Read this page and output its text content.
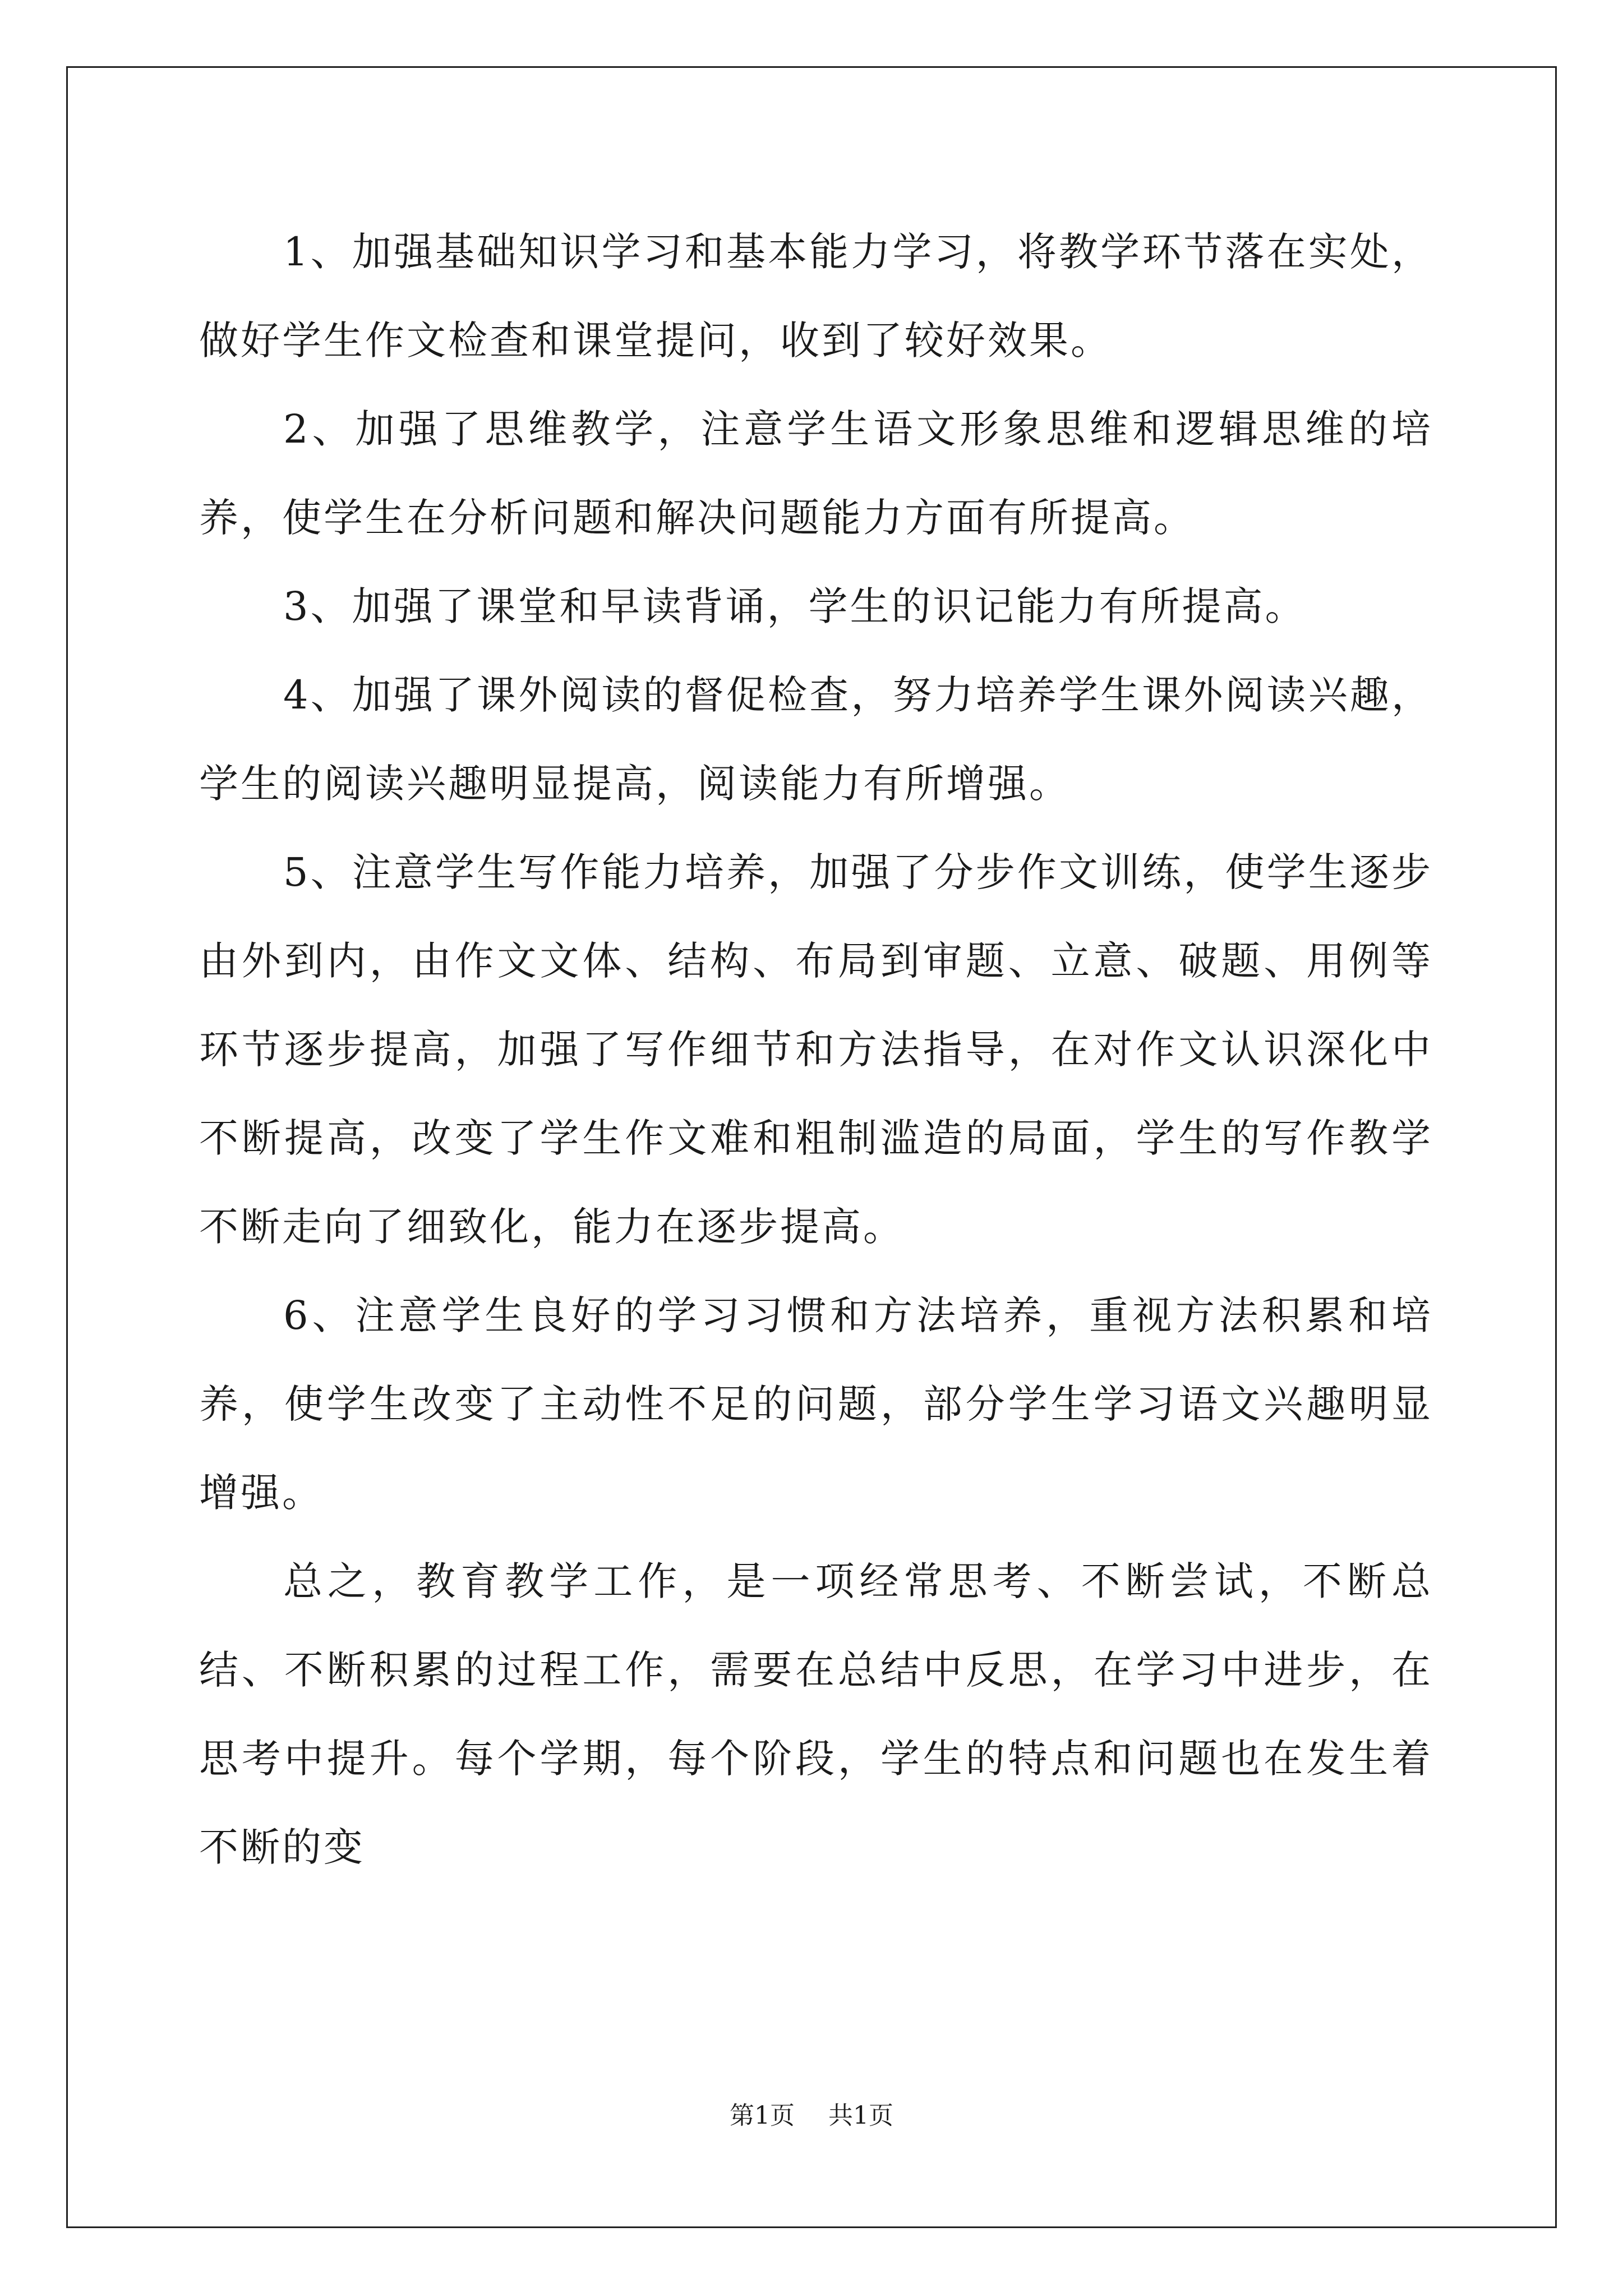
1、加强基础知识学习和基本能力学习，将教学环节落在实处，做好学生作文检查和课堂提问，收到了较好效果。

2、加强了思维教学，注意学生语文形象思维和逻辑思维的培养，使学生在分析问题和解决问题能力方面有所提高。

3、加强了课堂和早读背诵，学生的识记能力有所提高。

4、加强了课外阅读的督促检查，努力培养学生课外阅读兴趣，学生的阅读兴趣明显提高，阅读能力有所增强。

5、注意学生写作能力培养，加强了分步作文训练，使学生逐步由外到内，由作文文体、结构、布局到审题、立意、破题、用例等环节逐步提高，加强了写作细节和方法指导，在对作文认识深化中不断提高，改变了学生作文难和粗制滥造的局面，学生的写作教学不断走向了细致化，能力在逐步提高。

6、注意学生良好的学习习惯和方法培养，重视方法积累和培养，使学生改变了主动性不足的问题，部分学生学习语文兴趣明显增强。

总之，教育教学工作，是一项经常思考、不断尝试，不断总结、不断积累的过程工作，需要在总结中反思，在学习中进步，在思考中提升。每个学期，每个阶段，学生的特点和问题也在发生着不断的变

第1页 共1页
